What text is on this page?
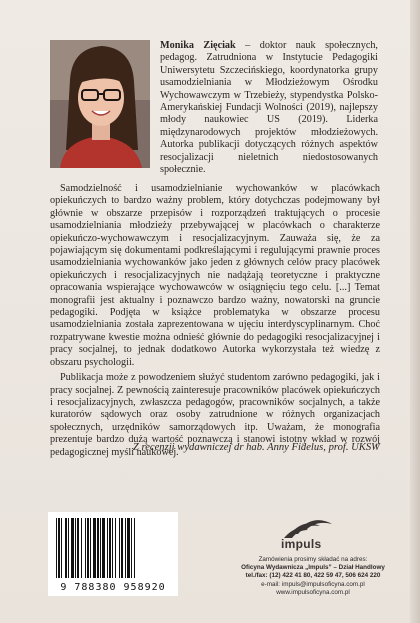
Monika Zięciak – doktor nauk społecznych, pedagog. Zatrudniona w Instytucie Pedagogiki Uniwersytetu Szczecińskiego, koordynatorka grupy usamodzielniania w Młodzieżowym Ośrodku Wychowawczym w Trzebieży, stypendystka Polsko-Amerykańskiej Fundacji Wolności (2019), najlepszy młody naukowiec US (2019). Liderka międzynarodowych projektów młodzieżowych. Autorka publikacji dotyczących różnych aspektów resocjalizacji nieletnich niedostosowanych społecznie.

Samodzielność i usamodzielnianie wychowanków w placówkach opiekuńczych to bardzo ważny problem, który dotychczas podejmowany był głównie w obszarze przepisów i rozporządzeń traktujących o procesie usamodzielniania młodzieży przebywającej w placówkach o charakterze opiekuńczo-wychowawczym i resocjalizacyjnym. Zauważa się, że za pojawiającym się dokumentami podkreślającymi i regulującymi prawnie proces usamodzielniania wychowanków jako jeden z głównych celów pracy placówek opiekuńczych i resocjalizacyjnych nie nadążają teoretyczne i praktyczne opracowania wspierające wychowawców w osiągnięciu tego celu. [...] Temat monografii jest aktualny i poznawczo bardzo ważny, nowatorski na gruncie pedagogiki. Podjęta w książce problematyka w obszarze procesu usamodzielniania została zaprezentowana w ujęciu interdyscyplinarnym. Choć rozpatrywane kwestie można odnieść głównie do pedagogiki resocjalizacyjnej i pracy socjalnej, to jednak dodatkowo Autorka wykorzystała też wiedzę z obszaru psychologii.

Publikacja może z powodzeniem służyć studentom zarówno pedagogiki, jak i pracy socjalnej. Z pewnością zainteresuje pracowników placówek opiekuńczych i resocjalizacyjnych, zwłaszcza pedagogów, pracowników socjalnych, a także kuratorów sądowych oraz osoby zatrudnione w różnych organizacjach społecznych, urzędników samorządowych itp. Uważam, że monografia prezentuje bardzo dużą wartość poznawczą i stanowi istotny wkład w rozwój pedagogicznej myśli naukowej.

Z recenzji wydawniczej dr hab. Anny Fidelus, prof. UKSW

9 788380 958920
impuls
Zamówienia prosimy składać na adres:
Oficyna Wydawnicza „Impuls” – Dział Handlowy
tel./fax: (12) 422 41 80, 422 59 47, 506 624 220
e-mail: impuls@impulsoficyna.com.pl
www.impulsoficyna.com.pl
